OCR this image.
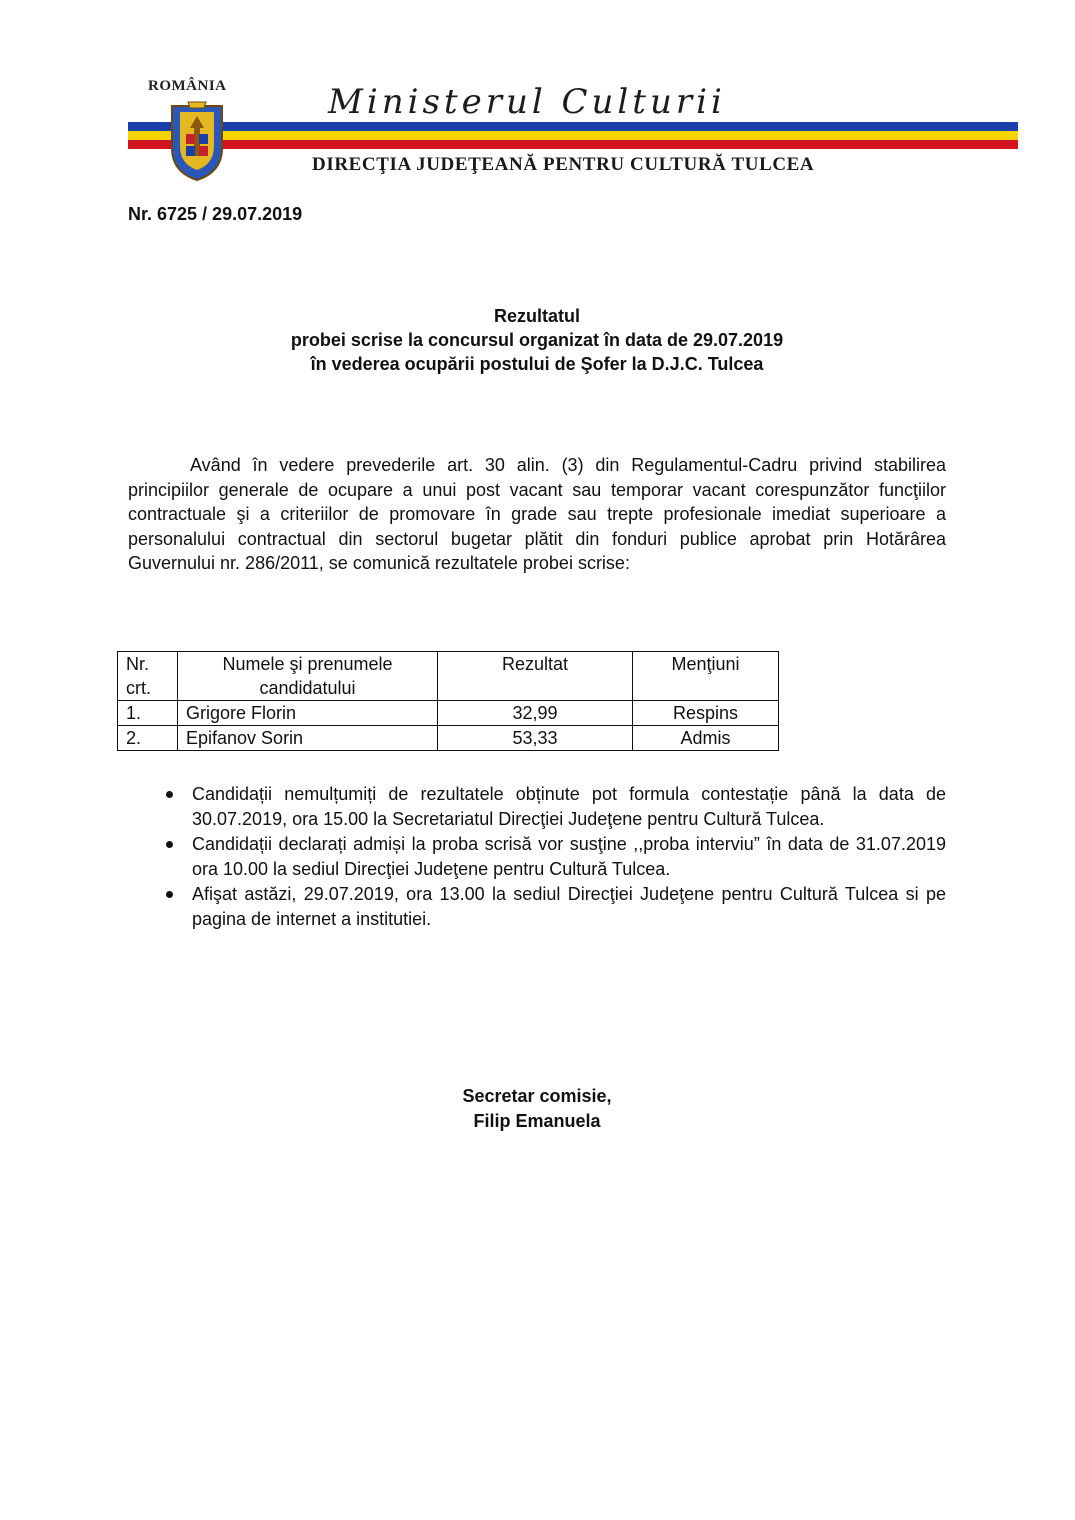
ROMÂNIA	Ministerul Culturii
DIRECŢIA JUDEŢEANĂ PENTRU CULTURĂ TULCEA
Nr. 6725 / 29.07.2019
Rezultatul
probei scrise la concursul organizat în data de 29.07.2019
în vederea ocupării postului de Şofer la D.J.C. Tulcea
Având în vedere prevederile art. 30 alin. (3) din Regulamentul-Cadru privind stabilirea principiilor generale de ocupare a unui post vacant sau temporar vacant corespunzător funcţiilor contractuale şi a criteriilor de promovare în grade sau trepte profesionale imediat superioare a personalului contractual din sectorul bugetar plătit din fonduri publice aprobat prin Hotărârea Guvernului nr. 286/2011, se comunică rezultatele probei scrise:
Nr. crt.	Numele şi prenumele candidatului	Rezultat	Menţiuni
1.	Grigore Florin	32,99	Respins
2.	Epifanov Sorin	53,33	Admis
Candidații nemulțumiți de rezultatele obținute pot formula contestație până la data de 30.07.2019, ora 15.00 la Secretariatul Direcţiei Judeţene pentru Cultură Tulcea.
Candidații declarați admiși la proba scrisă vor susţine ,,proba interviu” în data de 31.07.2019 ora 10.00 la sediul Direcţiei Judeţene pentru Cultură Tulcea.
Afişat astăzi, 29.07.2019, ora 13.00 la sediul Direcţiei Judeţene pentru Cultură Tulcea si pe pagina de internet a institutiei.
Secretar comisie,
Filip Emanuela
